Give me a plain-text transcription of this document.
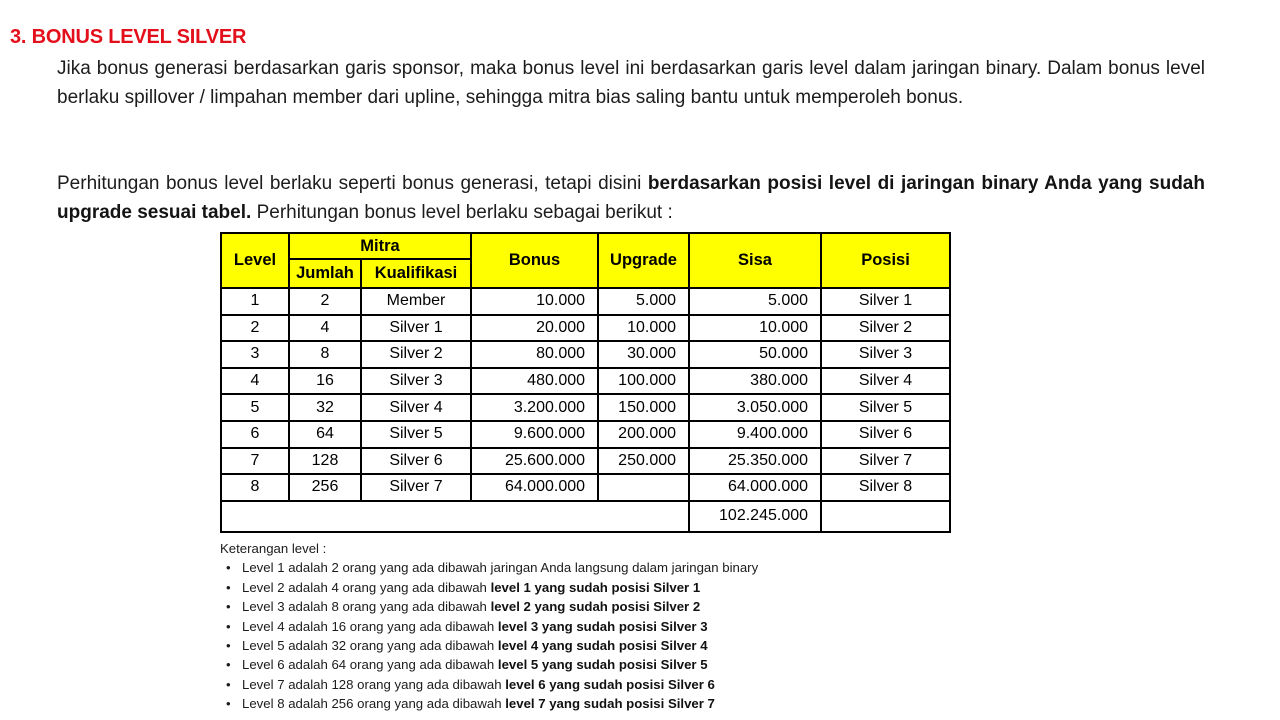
3. BONUS LEVEL SILVER

Jika bonus generasi berdasarkan garis sponsor, maka bonus level ini berdasarkan garis level dalam jaringan binary. Dalam bonus level berlaku spillover / limpahan member dari upline, sehingga mitra bias saling bantu untuk memperoleh bonus.

Perhitungan bonus level berlaku seperti bonus generasi, tetapi disini berdasarkan posisi level di jaringan binary Anda yang sudah upgrade sesuai tabel. Perhitungan bonus level berlaku sebagai berikut :

Level	Mitra		Bonus	Upgrade	Sisa	Posisi
	Jumlah	Kualifikasi				
1	2	Member	10.000	5.000	5.000	Silver 1
2	4	Silver 1	20.000	10.000	10.000	Silver 2
3	8	Silver 2	80.000	30.000	50.000	Silver 3
4	16	Silver 3	480.000	100.000	380.000	Silver 4
5	32	Silver 4	3.200.000	150.000	3.050.000	Silver 5
6	64	Silver 5	9.600.000	200.000	9.400.000	Silver 6
7	128	Silver 6	25.600.000	250.000	25.350.000	Silver 7
8	256	Silver 7	64.000.000		64.000.000	Silver 8
					102.245.000	
Keterangan level :
• Level 1 adalah 2 orang yang ada dibawah jaringan Anda langsung dalam jaringan binary
• Level 2 adalah 4 orang yang ada dibawah level 1 yang sudah posisi Silver 1
• Level 3 adalah 8 orang yang ada dibawah level 2 yang sudah posisi Silver 2
• Level 4 adalah 16 orang yang ada dibawah level 3 yang sudah posisi Silver 3
• Level 5 adalah 32 orang yang ada dibawah level 4 yang sudah posisi Silver 4
• Level 6 adalah 64 orang yang ada dibawah level 5 yang sudah posisi Silver 5
• Level 7 adalah 128 orang yang ada dibawah level 6 yang sudah posisi Silver 6
• Level 8 adalah 256 orang yang ada dibawah level 7 yang sudah posisi Silver 7
